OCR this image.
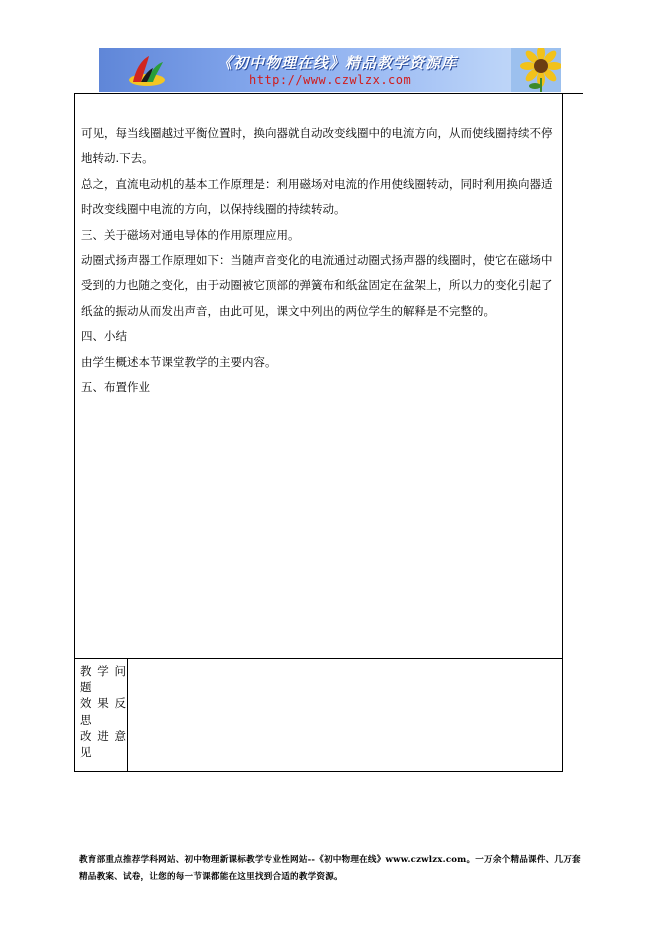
《初中物理在线》精品教学资源库
http://www.czwlzx.com

可见，每当线圈越过平衡位置时，换向器就自动改变线圈中的电流方向，从而使线圈持续不停地转动.下去。

总之，直流电动机的基本工作原理是：利用磁场对电流的作用使线圈转动，同时利用换向器适时改变线圈中电流的方向，以保持线圈的持续转动。

三、关于磁场对通电导体的作用原理应用。

动圈式扬声器工作原理如下：当随声音变化的电流通过动圈式扬声器的线圈时，使它在磁场中受到的力也随之变化，由于动圈被它顶部的弹簧布和纸盆固定在盆架上，所以力的变化引起了纸盆的振动从而发出声音，由此可见，课文中列出的两位学生的解释是不完整的。

四、小结

由学生概述本节课堂教学的主要内容。

五、布置作业

教 学 问
题
效 果 反
思
改 进 意
见
教育部重点推荐学科网站、初中物理新课标教学专业性网站--《初中物理在线》www.czwlzx.com。一万余个精品课件、几万套精品教案、试卷，让您的每一节课都能在这里找到合适的教学资源。
